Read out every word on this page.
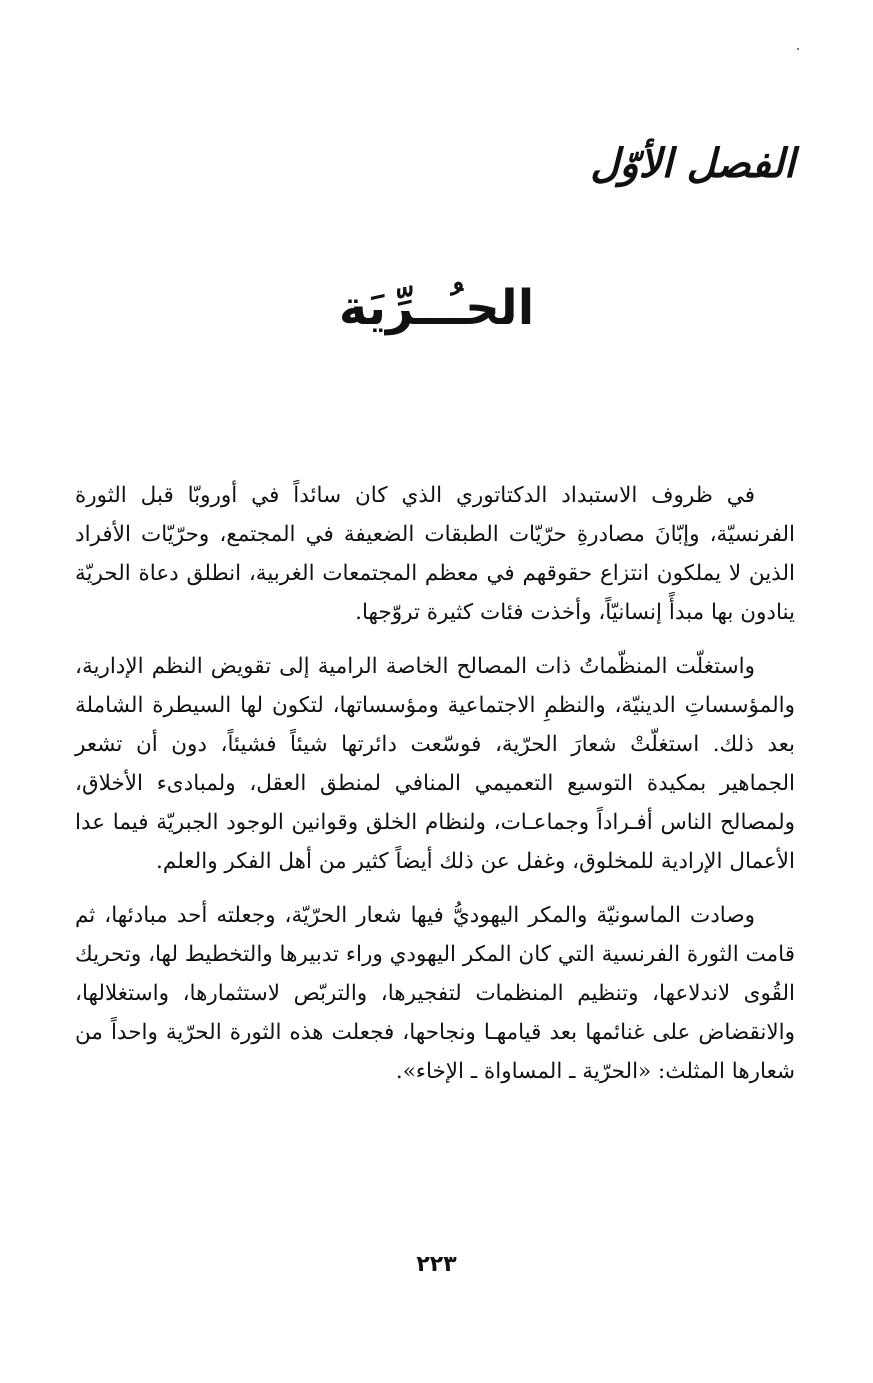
الفصل الأوّل
الحـُــرِّيَة

في ظروف الاستبداد الدكتاتوري الذي كان سائداً في أوروبّا قبل الثورة الفرنسيّة، وإبّانَ مصادرةِ حرّيّات الطبقات الضعيفة في المجتمع، وحرّيّات الأفراد الذين لا يملكون انتزاع حقوقهم في معظم المجتمعات الغربية، انطلق دعاة الحريّة ينادون بها مبدأً إنسانيّاً، وأخذت فئات كثيرة تروّجها.

واستغلّت المنظّماتُ ذات المصالح الخاصة الرامية إلى تقويض النظم الإدارية، والمؤسساتِ الدينيّة، والنظمِ الاجتماعية ومؤسساتها، لتكون لها السيطرة الشاملة بعد ذلك. استغلّتْ شعارَ الحرّية، فوسّعت دائرتها شيئاً فشيئاً، دون أن تشعر الجماهير بمكيدة التوسيع التعميمي المنافي لمنطق العقل، ولمبادىء الأخلاق، ولمصالح الناس أفـراداً وجماعـات، ولنظام الخلق وقوانين الوجود الجبريّة فيما عدا الأعمال الإرادية للمخلوق، وغفل عن ذلك أيضاً كثير من أهل الفكر والعلم.

وصادت الماسونيّة والمكر اليهوديُّ فيها شعار الحرّيّة، وجعلته أحد مبادئها، ثم قامت الثورة الفرنسية التي كان المكر اليهودي وراء تدبيرها والتخطيط لها، وتحريك القُوى لاندلاعها، وتنظيم المنظمات لتفجيرها، والتربّص لاستثمارها، واستغلالها، والانقضاض على غنائمها بعد قيامهـا ونجاحها، فجعلت هذه الثورة الحرّية واحداً من شعارها المثلث: «الحرّية ـ المساواة ـ الإخاء».

٢٢٣
